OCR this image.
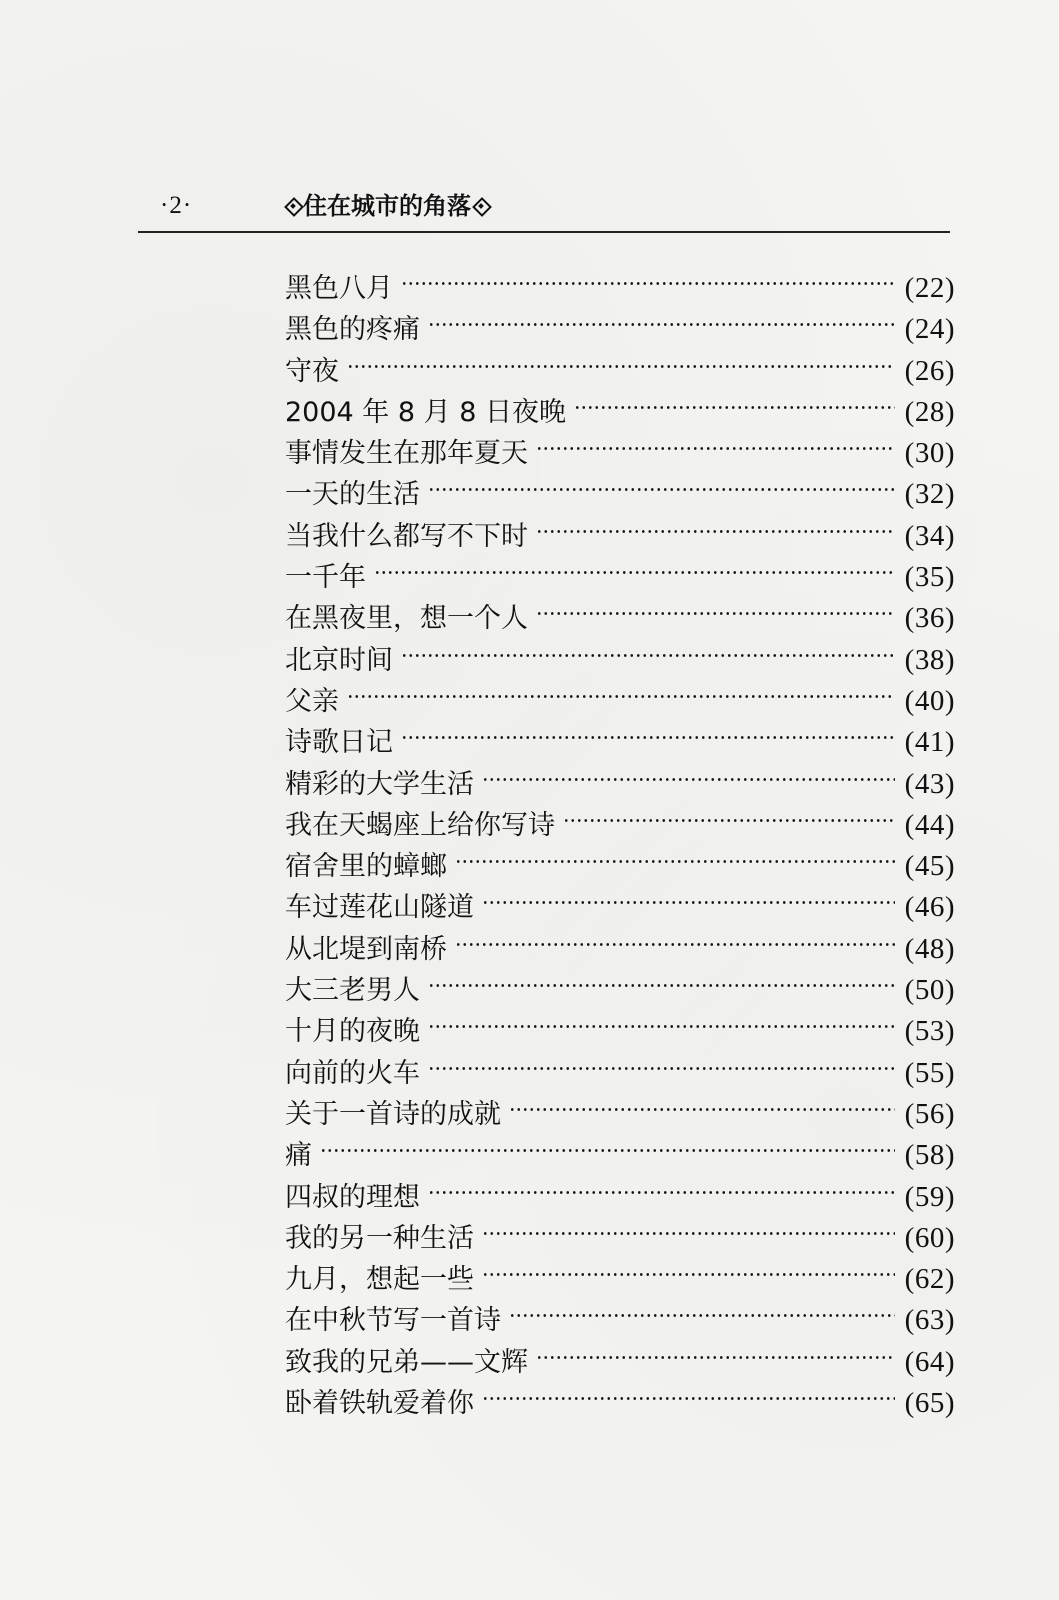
·2·	住在城市的角落
黑色八月	(22)
黑色的疼痛	(24)
守夜	(26)
2004 年 8 月 8 日夜晚	(28)
事情发生在那年夏天	(30)
一天的生活	(32)
当我什么都写不下时	(34)
一千年	(35)
在黑夜里，想一个人	(36)
北京时间	(38)
父亲	(40)
诗歌日记	(41)
精彩的大学生活	(43)
我在天蝎座上给你写诗	(44)
宿舍里的蟑螂	(45)
车过莲花山隧道	(46)
从北堤到南桥	(48)
大三老男人	(50)
十月的夜晚	(53)
向前的火车	(55)
关于一首诗的成就	(56)
痛	(58)
四叔的理想	(59)
我的另一种生活	(60)
九月，想起一些	(62)
在中秋节写一首诗	(63)
致我的兄弟——文辉	(64)
卧着铁轨爱着你	(65)
